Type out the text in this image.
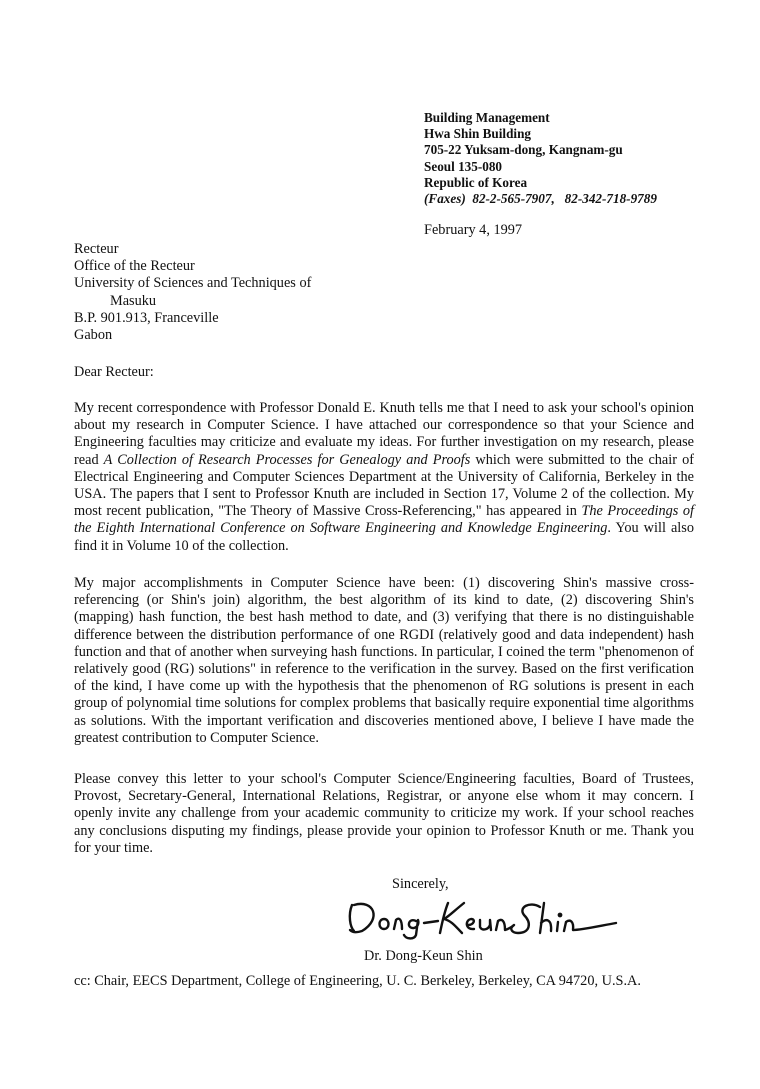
Building Management
Hwa Shin Building
705-22 Yuksam-dong, Kangnam-gu
Seoul 135-080
Republic of Korea
(Faxes)  82-2-565-7907,   82-342-718-9789
February 4, 1997
Recteur
Office of the Recteur
University of Sciences and Techniques of
Masuku
B.P. 901.913, Franceville
Gabon
Dear Recteur:
My recent correspondence with Professor Donald E. Knuth tells me that I need to ask your school's opinion about my research in Computer Science. I have attached our correspondence so that your Science and Engineering faculties may criticize and evaluate my ideas. For further investigation on my research, please read A Collection of Research Processes for Genealogy and Proofs which were submitted to the chair of Electrical Engineering and Computer Sciences Department at the University of California, Berkeley in the USA. The papers that I sent to Professor Knuth are included in Section 17, Volume 2 of the collection. My most recent publication, "The Theory of Massive Cross-Referencing," has appeared in The Proceedings of the Eighth International Conference on Software Engineering and Knowledge Engineering. You will also find it in Volume 10 of the collection.
My major accomplishments in Computer Science have been: (1) discovering Shin's massive cross-referencing (or Shin's join) algorithm, the best algorithm of its kind to date, (2) discovering Shin's (mapping) hash function, the best hash method to date, and (3) verifying that there is no distinguishable difference between the distribution performance of one RGDI (relatively good and data independent) hash function and that of another when surveying hash functions. In particular, I coined the term "phenomenon of relatively good (RG) solutions" in reference to the verification in the survey. Based on the first verification of the kind, I have come up with the hypothesis that the phenomenon of RG solutions is present in each group of polynomial time solutions for complex problems that basically require exponential time algorithms as solutions. With the important verification and discoveries mentioned above, I believe I have made the greatest contribution to Computer Science.
Please convey this letter to your school's Computer Science/Engineering faculties, Board of Trustees, Provost, Secretary-General, International Relations, Registrar, or anyone else whom it may concern. I openly invite any challenge from your academic community to criticize my work. If your school reaches any conclusions disputing my findings, please provide your opinion to Professor Knuth or me. Thank you for your time.
Sincerely,
Dr. Dong-Keun Shin
cc: Chair, EECS Department, College of Engineering, U. C. Berkeley, Berkeley, CA 94720, U.S.A.
